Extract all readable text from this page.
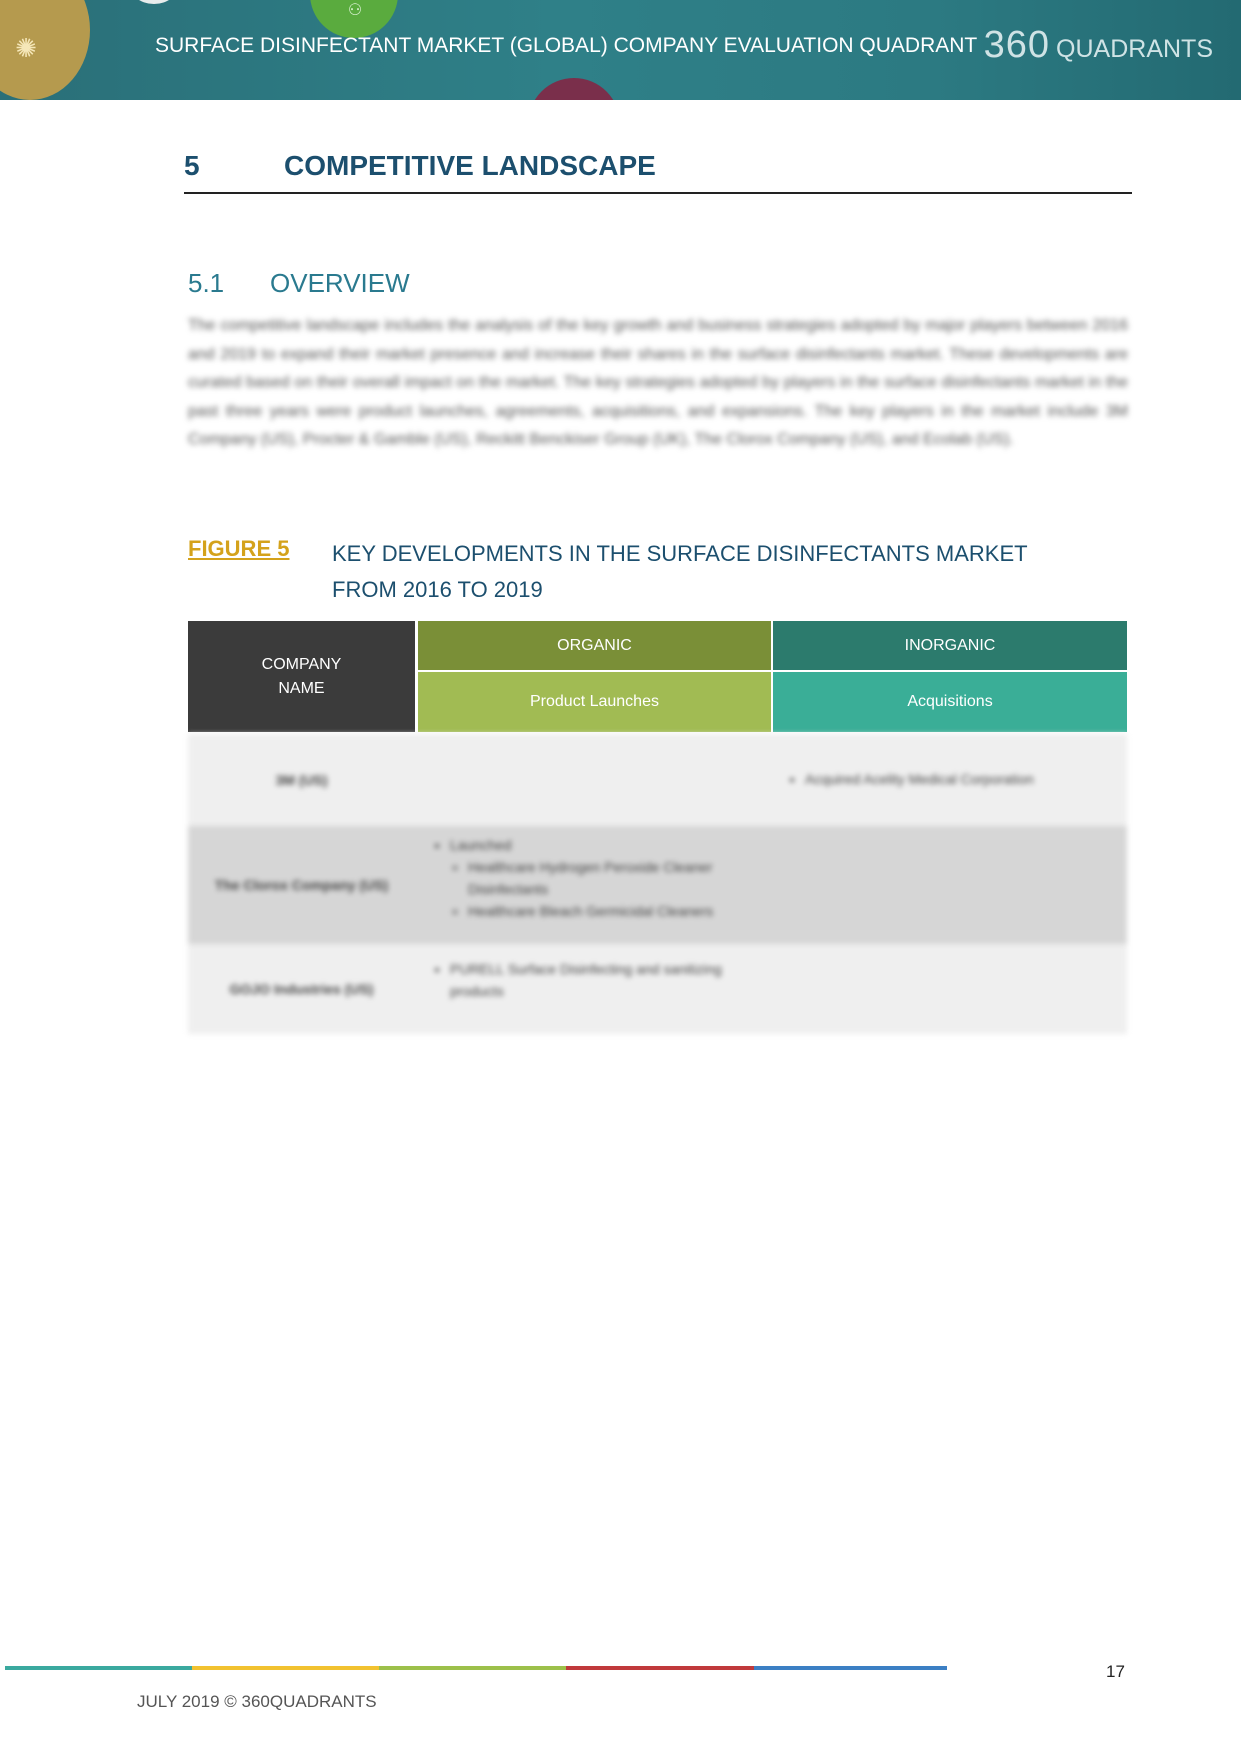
✺
⚇
SURFACE DISINFECTANT MARKET (GLOBAL) COMPANY EVALUATION QUADRANT 360 QUADRANTS
5	COMPETITIVE LANDSCAPE
5.1 OVERVIEW
The competitive landscape includes the analysis of the key growth and business strategies adopted by major players between 2016 and 2019 to expand their market presence and increase their shares in the surface disinfectants market. These developments are curated based on their overall impact on the market. The key strategies adopted by players in the surface disinfectants market in the past three years were product launches, agreements, acquisitions, and expansions. The key players in the market include 3M Company (US), Procter & Gamble (US), Reckitt Benckiser Group (UK), The Clorox Company (US), and Ecolab (US).
FIGURE 5 KEY DEVELOPMENTS IN THE SURFACE DISINFECTANTS MARKET FROM 2016 TO 2019
COMPANY NAME
ORGANIC	INORGANIC
Product Launches	Acquisitions
3M (US)
•	Acquired Acelity Medical Corporation
The Clorox Company (US)
• Launched
◦ Healthcare Hydrogen Peroxide Cleaner Disinfectants
◦ Healthcare Bleach Germicidal Cleaners
GOJO Industries (US)
• PURELL Surface Disinfecting and sanitizing products
17
JULY 2019 © 360QUADRANTS
